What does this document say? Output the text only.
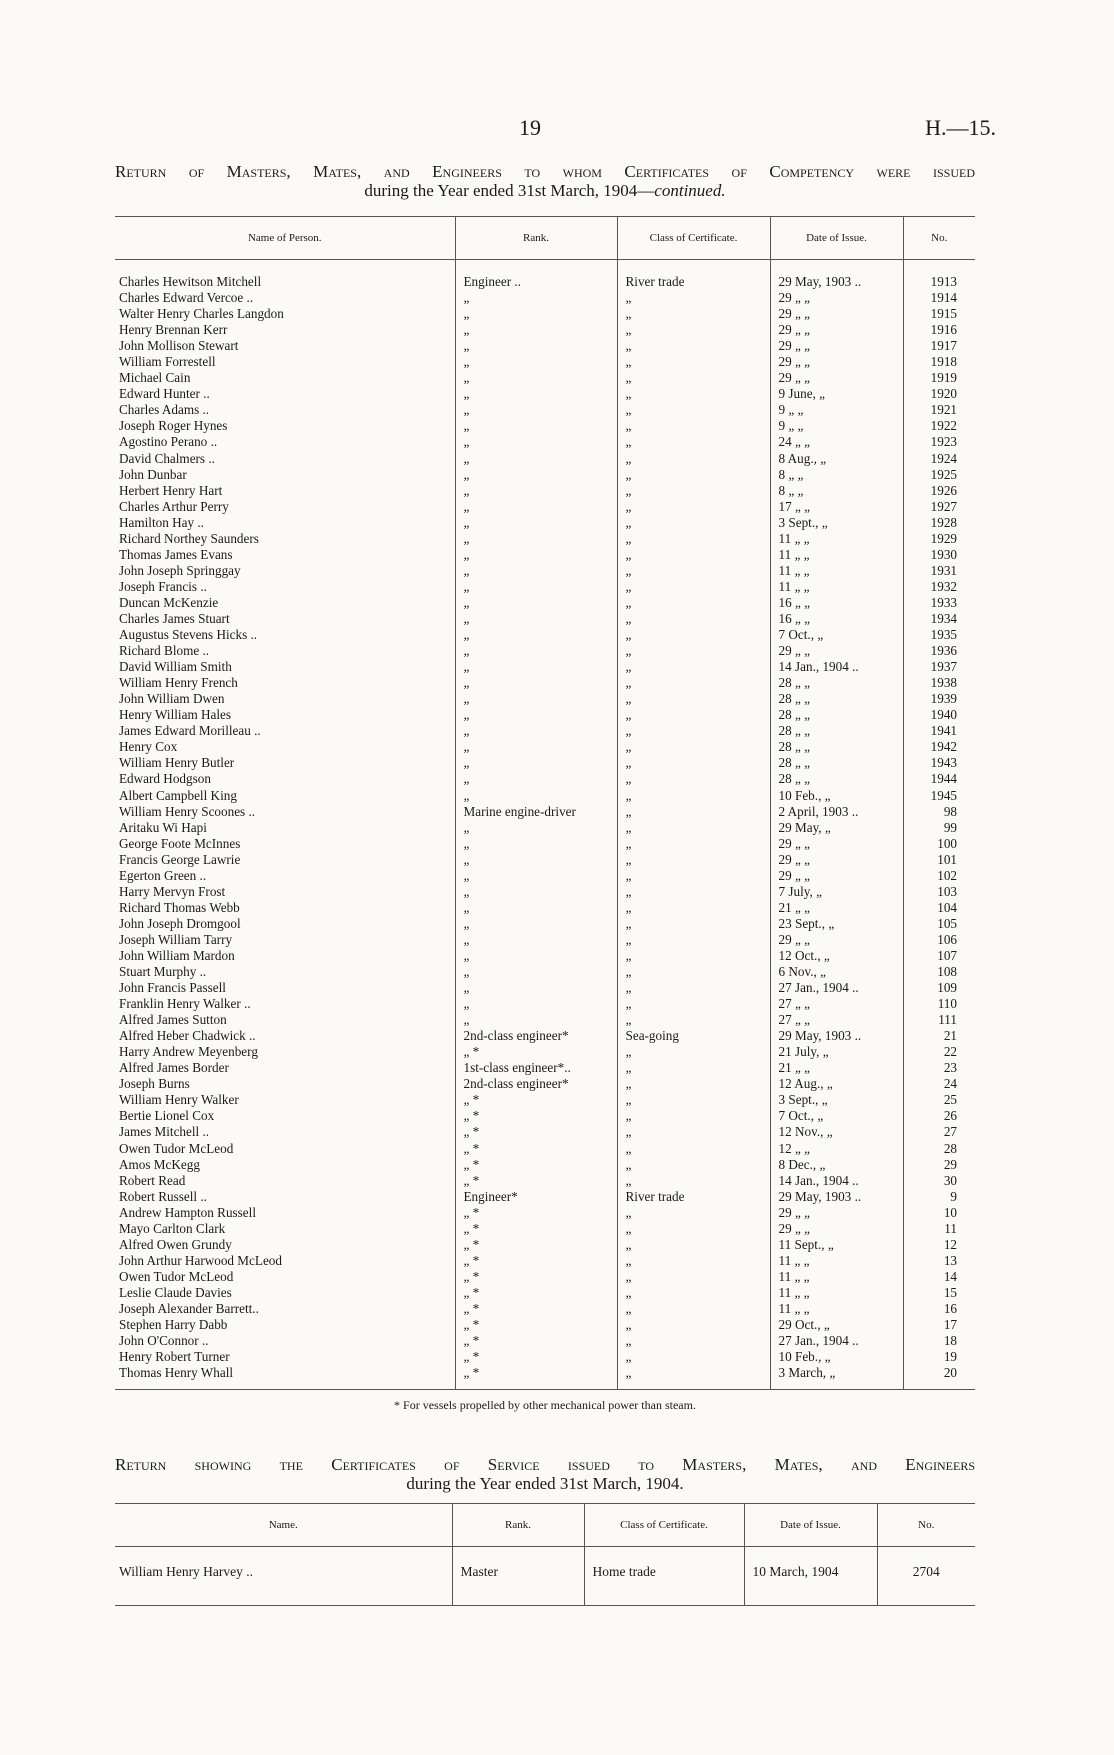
19	H.—15.
Return of Masters, Mates, and Engineers to whom Certificates of Competency were issued
during the Year ended 31st March, 1904—continued.
Name of Person.	Rank.	Class of Certificate.	Date of Issue.	No.
Charles Hewitson Mitchell	Engineer ..	River trade	29 May, 1903 ..	1913
Charles Edward Vercoe ..	„	„	29 „ „	1914
Walter Henry Charles Langdon	„	„	29 „ „	1915
Henry Brennan Kerr	„	„	29 „ „	1916
John Mollison Stewart	„	„	29 „ „	1917
William Forrestell	„	„	29 „ „	1918
Michael Cain	„	„	29 „ „	1919
Edward Hunter ..	„	„	9 June, „	1920
Charles Adams ..	„	„	9 „ „	1921
Joseph Roger Hynes	„	„	9 „ „	1922
Agostino Perano ..	„	„	24 „ „	1923
David Chalmers ..	„	„	8 Aug., „	1924
John Dunbar	„	„	8 „ „	1925
Herbert Henry Hart	„	„	8 „ „	1926
Charles Arthur Perry	„	„	17 „ „	1927
Hamilton Hay ..	„	„	3 Sept., „	1928
Richard Northey Saunders	„	„	11 „ „	1929
Thomas James Evans	„	„	11 „ „	1930
John Joseph Springgay	„	„	11 „ „	1931
Joseph Francis ..	„	„	11 „ „	1932
Duncan McKenzie	„	„	16 „ „	1933
Charles James Stuart	„	„	16 „ „	1934
Augustus Stevens Hicks ..	„	„	7 Oct., „	1935
Richard Blome ..	„	„	29 „ „	1936
David William Smith	„	„	14 Jan., 1904 ..	1937
William Henry French	„	„	28 „ „	1938
John William Dwen	„	„	28 „ „	1939
Henry William Hales	„	„	28 „ „	1940
James Edward Morilleau ..	„	„	28 „ „	1941
Henry Cox	„	„	28 „ „	1942
William Henry Butler	„	„	28 „ „	1943
Edward Hodgson	„	„	28 „ „	1944
Albert Campbell King	„	„	10 Feb., „	1945
William Henry Scoones ..	Marine engine-driver	„	2 April, 1903 ..	98
Aritaku Wi Hapi	„	„	29 May, „	99
George Foote McInnes	„	„	29 „ „	100
Francis George Lawrie	„	„	29 „ „	101
Egerton Green ..	„	„	29 „ „	102
Harry Mervyn Frost	„	„	7 July, „	103
Richard Thomas Webb	„	„	21 „ „	104
John Joseph Dromgool	„	„	23 Sept., „	105
Joseph William Tarry	„	„	29 „ „	106
John William Mardon	„	„	12 Oct., „	107
Stuart Murphy ..	„	„	6 Nov., „	108
John Francis Passell	„	„	27 Jan., 1904 ..	109
Franklin Henry Walker ..	„	„	27 „ „	110
Alfred James Sutton	„	„	27 „ „	111
Alfred Heber Chadwick ..	2nd-class engineer*	Sea-going	29 May, 1903 ..	21
Harry Andrew Meyenberg	„ *	„	21 July, „	22
Alfred James Border	1st-class engineer*..	„	21 „ „	23
Joseph Burns	2nd-class engineer*	„	12 Aug., „	24
William Henry Walker	„ *	„	3 Sept., „	25
Bertie Lionel Cox	„ *	„	7 Oct., „	26
James Mitchell ..	„ *	„	12 Nov., „	27
Owen Tudor McLeod	„ *	„	12 „ „	28
Amos McKegg	„ *	„	8 Dec., „	29
Robert Read	„ *	„	14 Jan., 1904 ..	30
Robert Russell ..	Engineer*	River trade	29 May, 1903 ..	9
Andrew Hampton Russell	„ *	„	29 „ „	10
Mayo Carlton Clark	„ *	„	29 „ „	11
Alfred Owen Grundy	„ *	„	11 Sept., „	12
John Arthur Harwood McLeod	„ *	„	11 „ „	13
Owen Tudor McLeod	„ *	„	11 „ „	14
Leslie Claude Davies	„ *	„	11 „ „	15
Joseph Alexander Barrett..	„ *	„	11 „ „	16
Stephen Harry Dabb	„ *	„	29 Oct., „	17
John O'Connor ..	„ *	„	27 Jan., 1904 ..	18
Henry Robert Turner	„ *	„	10 Feb., „	19
Thomas Henry Whall	„ *	„	3 March, „	20
* For vessels propelled by other mechanical power than steam.
Return showing the Certificates of Service issued to Masters, Mates, and Engineers
during the Year ended 31st March, 1904.
Name.	Rank.	Class of Certificate.	Date of Issue.	No.
William Henry Harvey ..	Master	Home trade	10 March, 1904	2704
